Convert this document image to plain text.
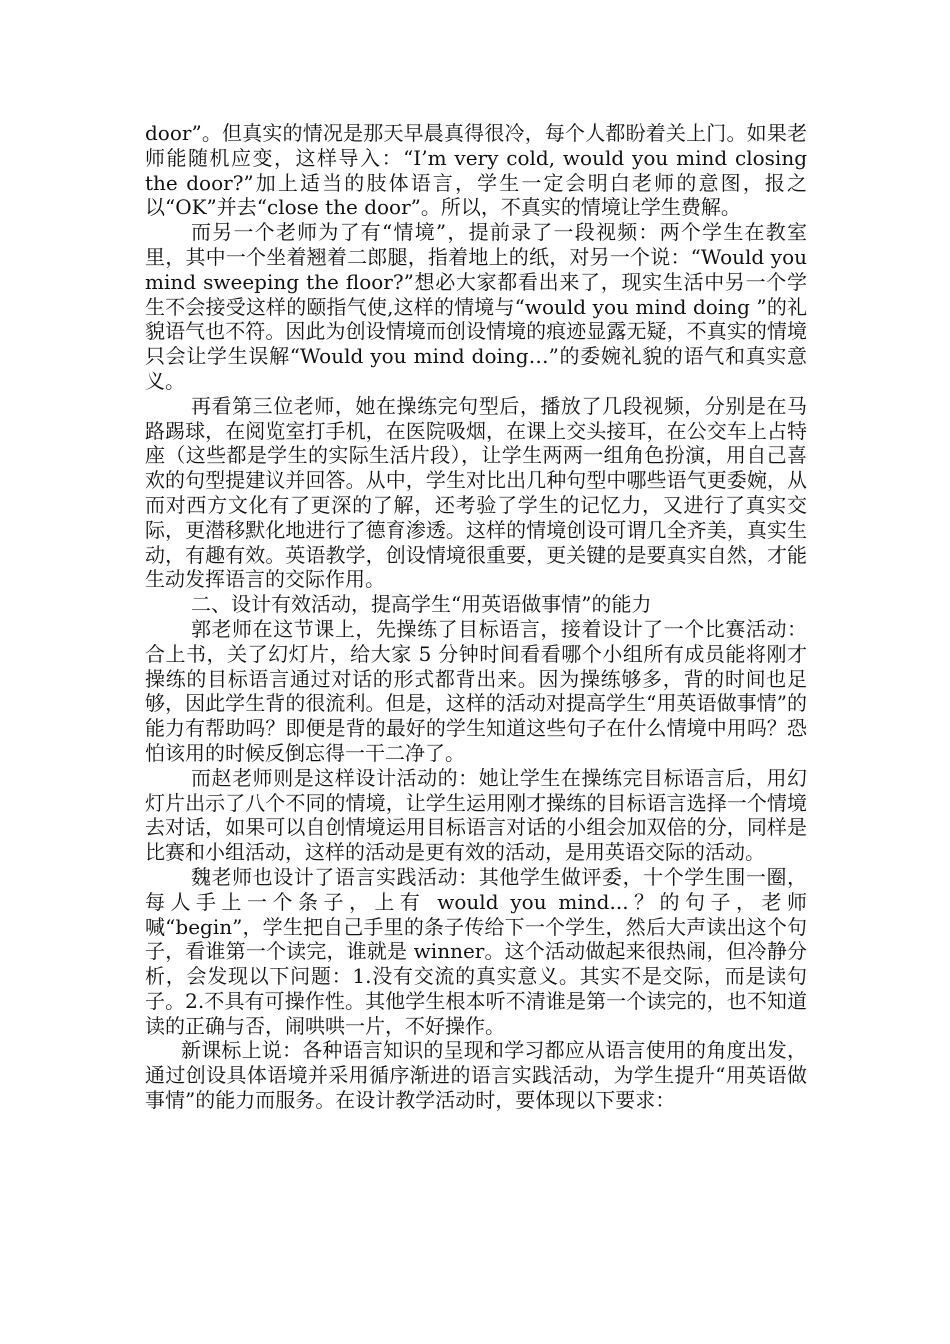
door”。但真实的情况是那天早晨真得很冷，每个人都盼着关上门。如果老师能随机应变，这样导入：“I’m very cold, would you mind closing the door?”加上适当的肢体语言，学生一定会明白老师的意图，报之以“OK”并去“close the door”。所以，不真实的情境让学生费解。

而另一个老师为了有“情境”，提前录了一段视频：两个学生在教室里，其中一个坐着翘着二郎腿，指着地上的纸，对另一个说：“Would you mind sweeping the floor?”想必大家都看出来了，现实生活中另一个学生不会接受这样的颐指气使,这样的情境与“would you mind doing ”的礼貌语气也不符。因此为创设情境而创设情境的痕迹显露无疑，不真实的情境只会让学生误解“Would you mind doing…”的委婉礼貌的语气和真实意义。

再看第三位老师，她在操练完句型后，播放了几段视频，分别是在马路踢球，在阅览室打手机，在医院吸烟，在课上交头接耳，在公交车上占特座（这些都是学生的实际生活片段），让学生两两一组角色扮演，用自己喜欢的句型提建议并回答。从中，学生对比出几种句型中哪些语气更委婉，从而对西方文化有了更深的了解，还考验了学生的记忆力，又进行了真实交际，更潜移默化地进行了德育渗透。这样的情境创设可谓几全齐美，真实生动，有趣有效。英语教学，创设情境很重要，更关键的是要真实自然，才能生动发挥语言的交际作用。

二、设计有效活动，提高学生“用英语做事情”的能力

郭老师在这节课上，先操练了目标语言，接着设计了一个比赛活动：合上书，关了幻灯片，给大家 5 分钟时间看看哪个小组所有成员能将刚才操练的目标语言通过对话的形式都背出来。因为操练够多，背的时间也足够，因此学生背的很流利。但是，这样的活动对提高学生“用英语做事情”的能力有帮助吗？即便是背的最好的学生知道这些句子在什么情境中用吗？恐怕该用的时候反倒忘得一干二净了。

而赵老师则是这样设计活动的：她让学生在操练完目标语言后，用幻灯片出示了八个不同的情境，让学生运用刚才操练的目标语言选择一个情境去对话，如果可以自创情境运用目标语言对话的小组会加双倍的分，同样是比赛和小组活动，这样的活动是更有效的活动，是用英语交际的活动。

魏老师也设计了语言实践活动：其他学生做评委，十个学生围一圈，每人手上一个条子，上有 would you mind...？的句子，老师喊“begin”，学生把自己手里的条子传给下一个学生，然后大声读出这个句子，看谁第一个读完，谁就是 winner。这个活动做起来很热闹，但冷静分析，会发现以下问题：1.没有交流的真实意义。其实不是交际，而是读句子。2.不具有可操作性。其他学生根本听不清谁是第一个读完的，也不知道读的正确与否，闹哄哄一片，不好操作。

新课标上说：各种语言知识的呈现和学习都应从语言使用的角度出发，通过创设具体语境并采用循序渐进的语言实践活动，为学生提升“用英语做事情”的能力而服务。在设计教学活动时，要体现以下要求：
